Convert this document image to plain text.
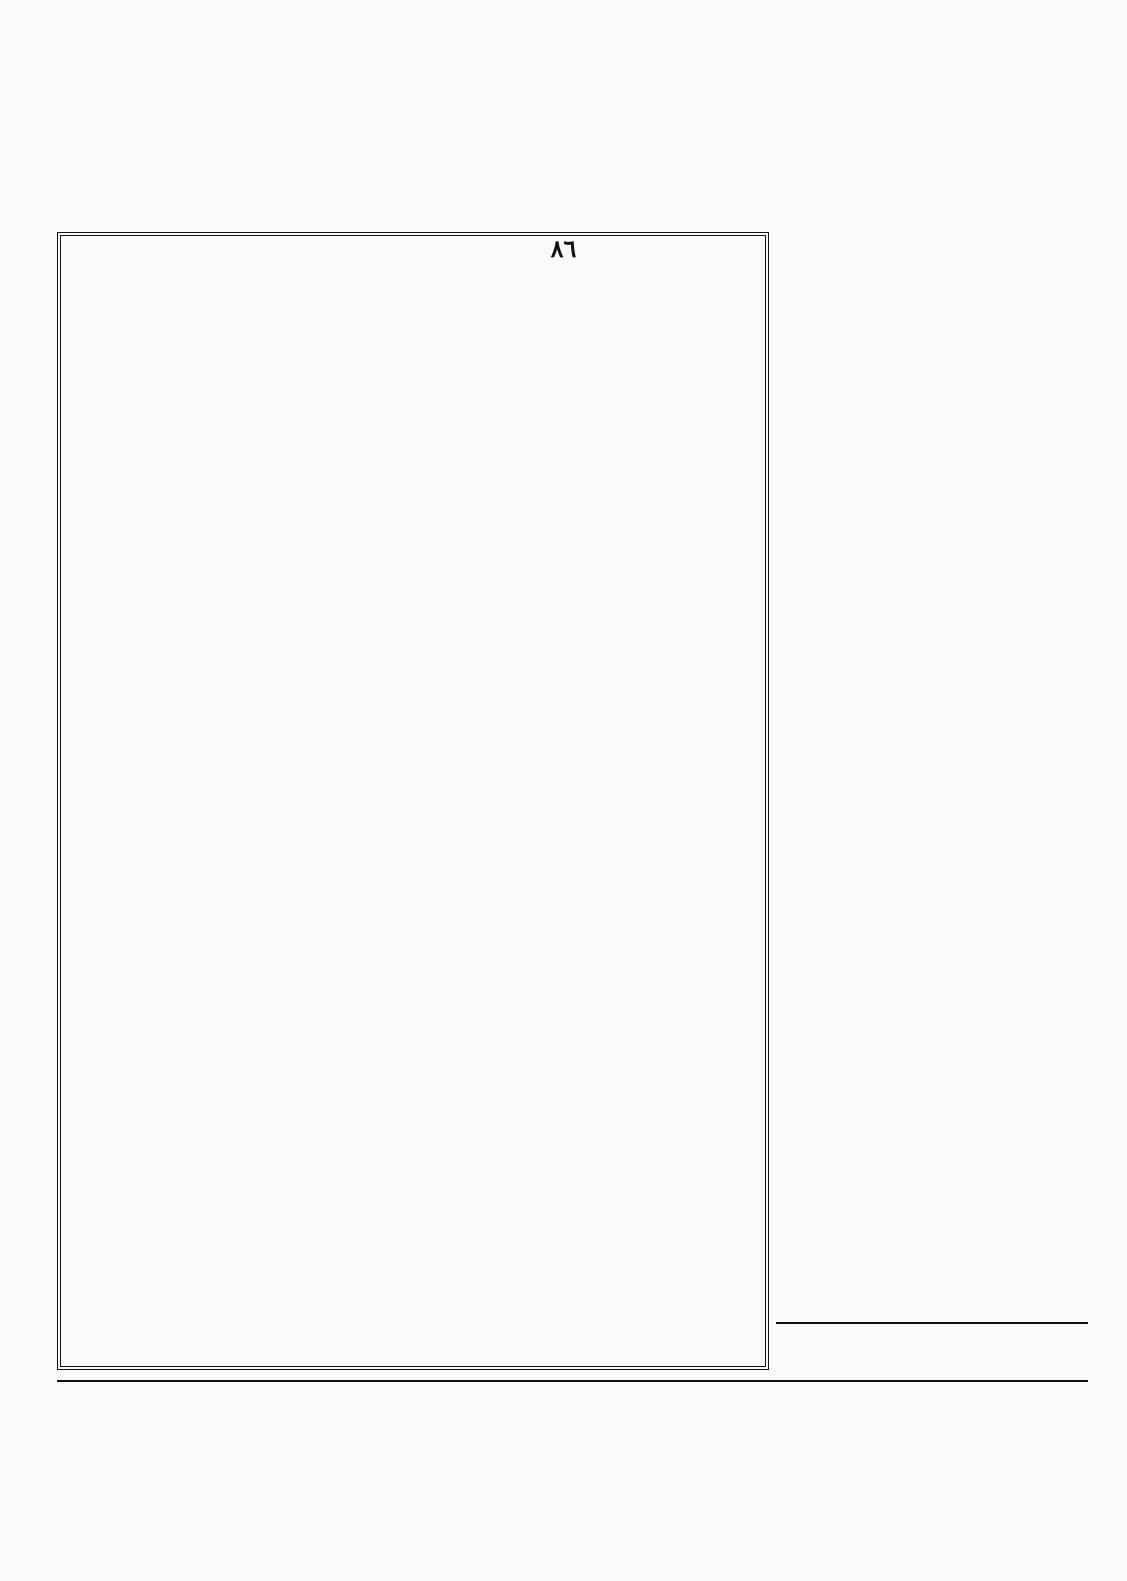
٨٦
